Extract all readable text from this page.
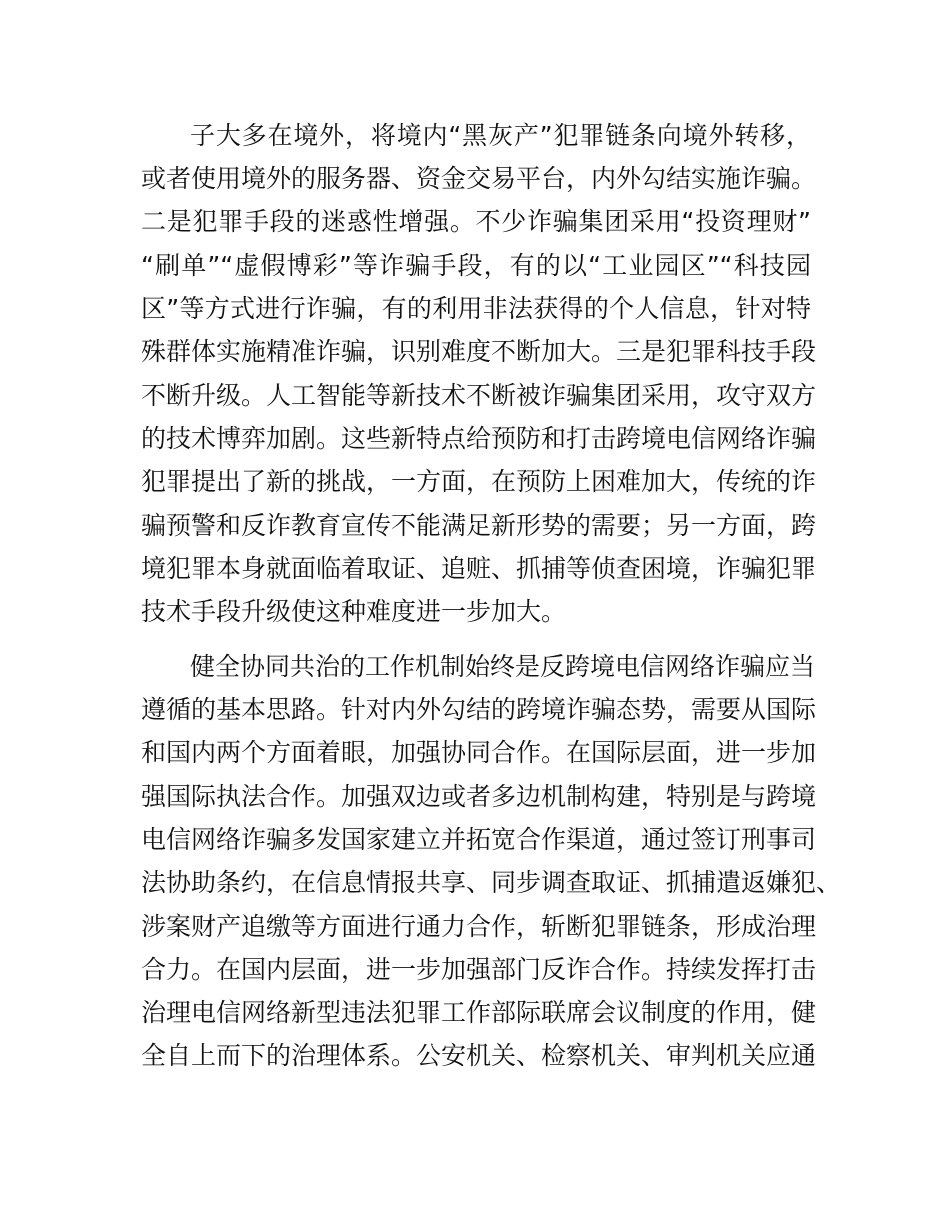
子大多在境外，将境内“黑灰产”犯罪链条向境外转移，
或者使用境外的服务器、资金交易平台，内外勾结实施诈骗。
二是犯罪手段的迷惑性增强。不少诈骗集团采用“投资理财”
“刷单”“虚假博彩”等诈骗手段，有的以“工业园区”“科技园
区”等方式进行诈骗，有的利用非法获得的个人信息，针对特
殊群体实施精准诈骗，识别难度不断加大。三是犯罪科技手段
不断升级。人工智能等新技术不断被诈骗集团采用，攻守双方
的技术博弈加剧。这些新特点给预防和打击跨境电信网络诈骗
犯罪提出了新的挑战，一方面，在预防上困难加大，传统的诈
骗预警和反诈教育宣传不能满足新形势的需要；另一方面，跨
境犯罪本身就面临着取证、追赃、抓捕等侦查困境，诈骗犯罪
技术手段升级使这种难度进一步加大。
健全协同共治的工作机制始终是反跨境电信网络诈骗应当
遵循的基本思路。针对内外勾结的跨境诈骗态势，需要从国际
和国内两个方面着眼，加强协同合作。在国际层面，进一步加
强国际执法合作。加强双边或者多边机制构建，特别是与跨境
电信网络诈骗多发国家建立并拓宽合作渠道，通过签订刑事司
法协助条约，在信息情报共享、同步调查取证、抓捕遣返嫌犯、
涉案财产追缴等方面进行通力合作，斩断犯罪链条，形成治理
合力。在国内层面，进一步加强部门反诈合作。持续发挥打击
治理电信网络新型违法犯罪工作部际联席会议制度的作用，健
全自上而下的治理体系。公安机关、检察机关、审判机关应通
